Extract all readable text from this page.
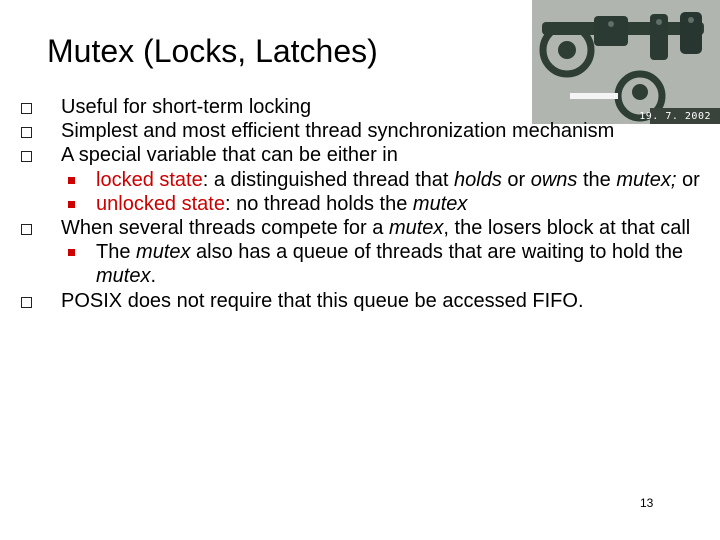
Mutex (Locks, Latches)
19. 7. 2002
Useful for short-term locking
Simplest and most efficient thread synchronization mechanism
A special variable that can be either in
locked state: a distinguished thread that holds or owns the mutex; or
unlocked state: no thread holds the mutex
When several threads compete for a mutex, the losers block at that call
The mutex also has a queue of threads that are waiting to hold the mutex.
POSIX does not require that this queue be accessed FIFO.
13
